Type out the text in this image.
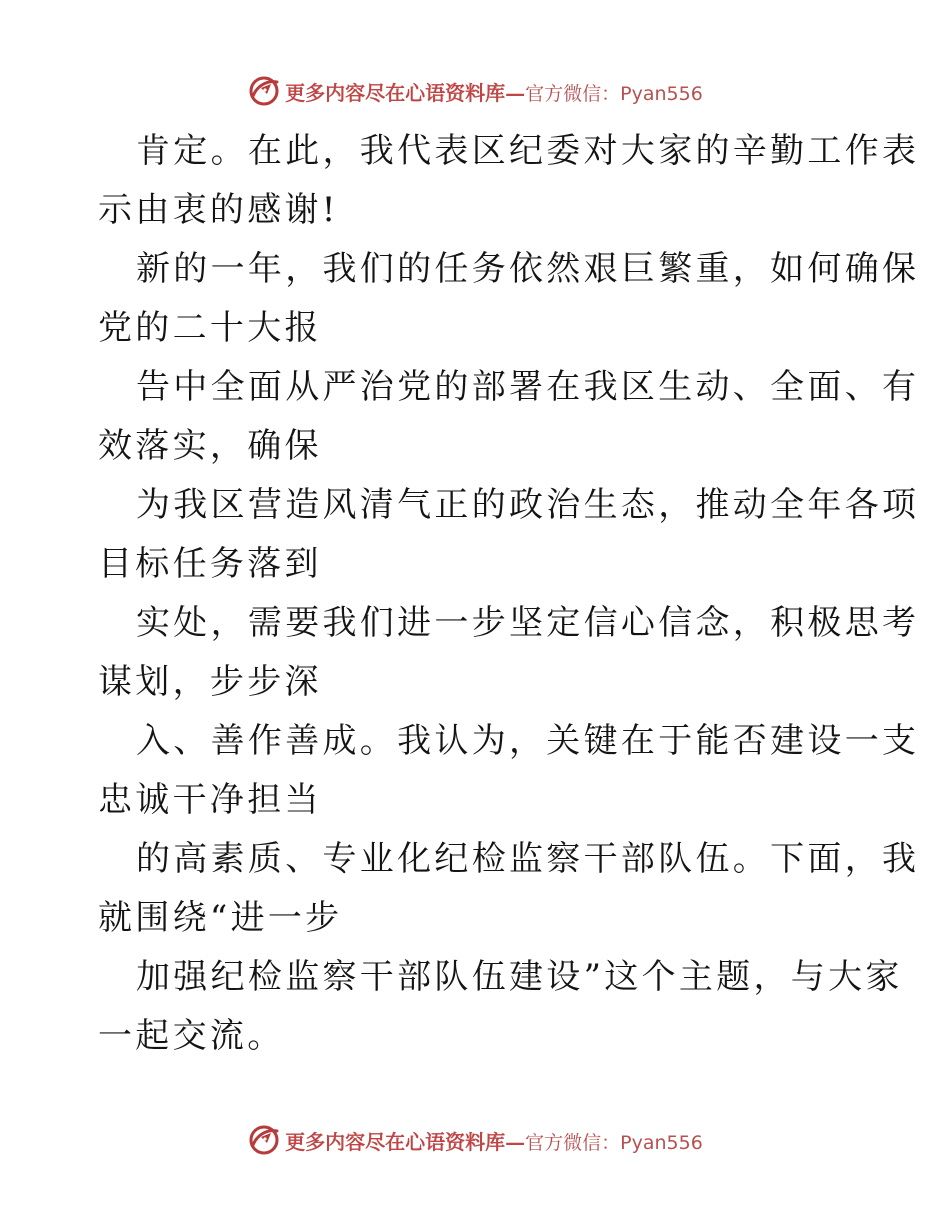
更多内容尽在心语资料库— 官方微信：Pyan556
肯定。在此，我代表区纪委对大家的辛勤工作表
示由衷的感谢!
新的一年，我们的任务依然艰巨繁重，如何确保
党的二十大报
告中全面从严治党的部署在我区生动、全面、有
效落实，确保
为我区营造风清气正的政治生态，推动全年各项
目标任务落到
实处，需要我们进一步坚定信心信念，积极思考
谋划，步步深
入、善作善成。我认为，关键在于能否建设一支
忠诚干净担当
的高素质、专业化纪检监察干部队伍。下面，我
就围绕“进一步
加强纪检监察干部队伍建设”这个主题，与大家
一起交流。
更多内容尽在心语资料库— 官方微信：Pyan556
